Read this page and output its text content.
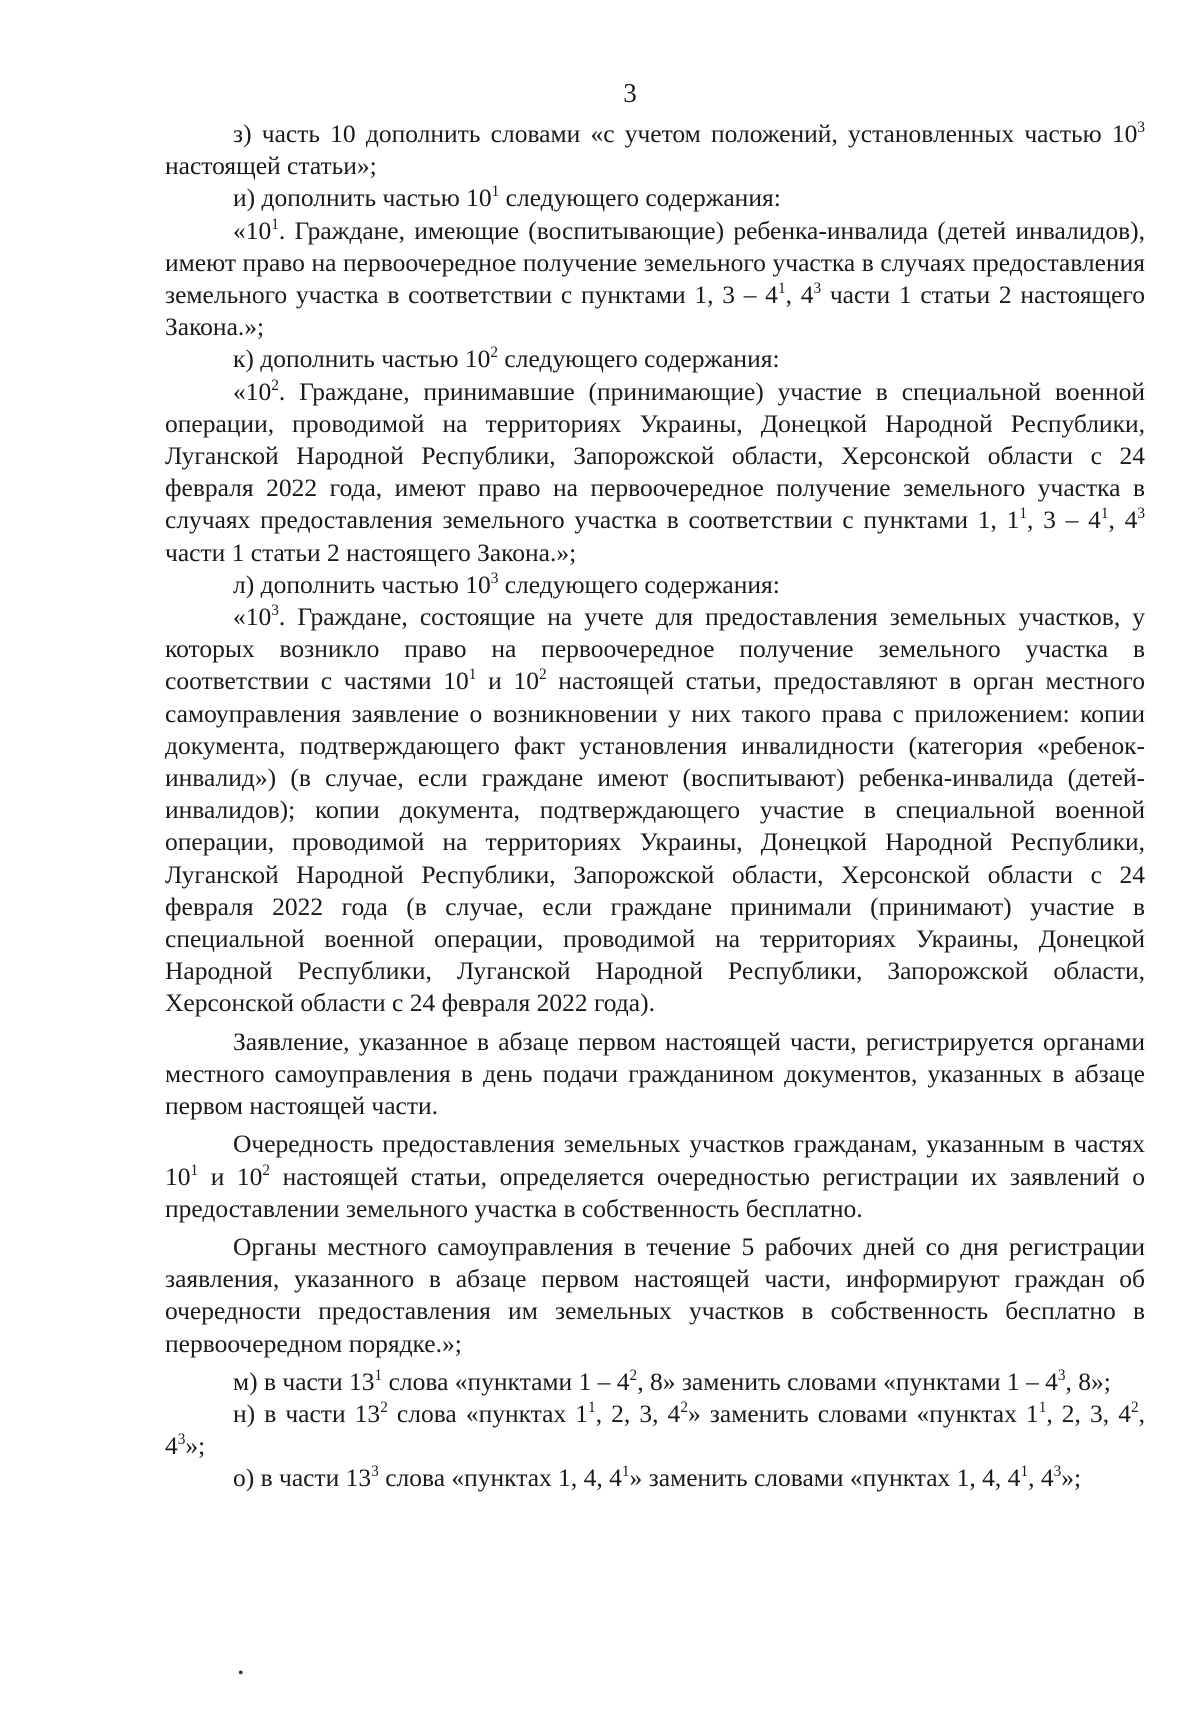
3

з) часть 10 дополнить словами «с учетом положений, установленных частью $10^3$ настоящей статьи»;

и) дополнить частью $10^1$ следующего содержания:

«$10^1$. Граждане, имеющие (воспитывающие) ребенка-инвалида (детей инвалидов), имеют право на первоочередное получение земельного участка в случаях предоставления земельного участка в соответствии с пунктами 1, $3 - 4^1$, $4^3$ части 1 статьи 2 настоящего Закона.»;

к) дополнить частью $10^2$ следующего содержания:

«$10^2$. Граждане, принимавшие (принимающие) участие в специальной военной операции, проводимой на территориях Украины, Донецкой Народной Республики, Луганской Народной Республики, Запорожской области, Херсонской области с 24 февраля 2022 года, имеют право на первоочередное получение земельного участка в случаях предоставления земельного участка в соответствии с пунктами 1, $1^1$, $3 - 4^1$, $4^3$ части 1 статьи 2 настоящего Закона.»;

л) дополнить частью $10^3$ следующего содержания:

«$10^3$. Граждане, состоящие на учете для предоставления земельных участков, у которых возникло право на первоочередное получение земельного участка в соответствии с частями $10^1$ и $10^2$ настоящей статьи, предоставляют в орган местного самоуправления заявление о возникновении у них такого права с приложением: копии документа, подтверждающего факт установления инвалидности (категория «ребенок-инвалид») (в случае, если граждане имеют (воспитывают) ребенка-инвалида (детей-инвалидов); копии документа, подтверждающего участие в специальной военной операции, проводимой на территориях Украины, Донецкой Народной Республики, Луганской Народной Республики, Запорожской области, Херсонской области с 24 февраля 2022 года (в случае, если граждане принимали (принимают) участие в специальной военной операции, проводимой на территориях Украины, Донецкой Народной Республики, Луганской Народной Республики, Запорожской области, Херсонской области с 24 февраля 2022 года).

Заявление, указанное в абзаце первом настоящей части, регистрируется органами местного самоуправления в день подачи гражданином документов, указанных в абзаце первом настоящей части.

Очередность предоставления земельных участков гражданам, указанным в частях $10^1$ и $10^2$ настоящей статьи, определяется очередностью регистрации их заявлений о предоставлении земельного участка в собственность бесплатно.

Органы местного самоуправления в течение 5 рабочих дней со дня регистрации заявления, указанного в абзаце первом настоящей части, информируют граждан об очередности предоставления им земельных участков в собственность бесплатно в первоочередном порядке.»;

м) в части $13^1$ слова «пунктами $1 - 4^2$, 8» заменить словами «пунктами $1 - 4^3$, 8»;

н) в части $13^2$ слова «пунктах $1^1$, 2, 3, $4^2$» заменить словами «пунктах $1^1$, 2, 3, $4^2$, $4^3$»;

о) в части $13^3$ слова «пунктах 1, 4, $4^1$» заменить словами «пунктах 1, 4, $4^1$, $4^3$»;

•
